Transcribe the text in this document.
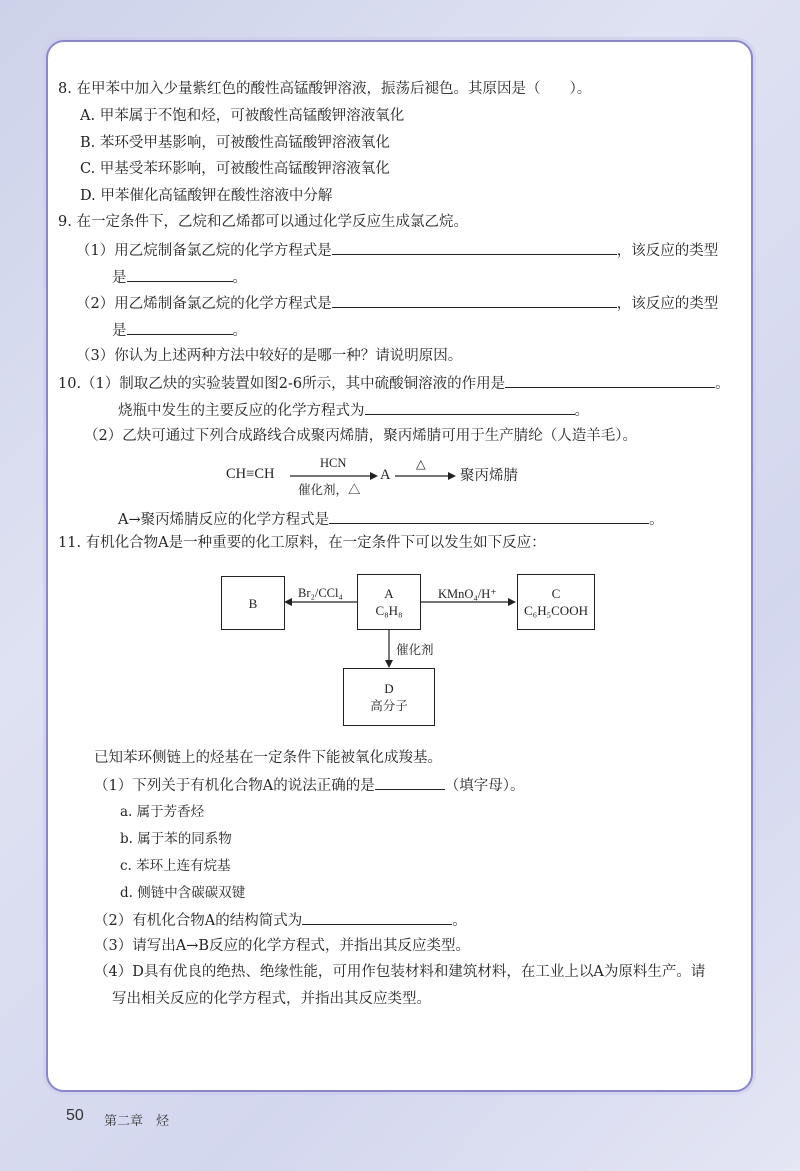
8. 在甲苯中加入少量紫红色的酸性高锰酸钾溶液，振荡后褪色。其原因是（　　）。
A. 甲苯属于不饱和烃，可被酸性高锰酸钾溶液氧化
B. 苯环受甲基影响，可被酸性高锰酸钾溶液氧化
C. 甲基受苯环影响，可被酸性高锰酸钾溶液氧化
D. 甲苯催化高锰酸钾在酸性溶液中分解
9. 在一定条件下，乙烷和乙烯都可以通过化学反应生成氯乙烷。
（1）用乙烷制备氯乙烷的化学方程式是	，该反应的类型
是	。
（2）用乙烯制备氯乙烷的化学方程式是	，该反应的类型
是	。
（3）你认为上述两种方法中较好的是哪一种？请说明原因。
10.（1）制取乙炔的实验装置如图2-6所示，其中硫酸铜溶液的作用是	。
烧瓶中发生的主要反应的化学方程式为	。
（2）乙炔可通过下列合成路线合成聚丙烯腈，聚丙烯腈可用于生产腈纶（人造羊毛）。
CH≡CH
HCN
催化剂，△
A
△
聚丙烯腈
A→聚丙烯腈反应的化学方程式是	。
11. 有机化合物A是一种重要的化工原料，在一定条件下可以发生如下反应：
B
A
C₈H₈
C
C₆H₅COOH
D
高分子
Br₂/CCl₄	KMnO₄/H⁺
催化剂
已知苯环侧链上的烃基在一定条件下能被氧化成羧基。
（1）下列关于有机化合物A的说法正确的是	（填字母）。
a. 属于芳香烃
b. 属于苯的同系物
c. 苯环上连有烷基
d. 侧链中含碳碳双键
（2）有机化合物A的结构简式为	。
（3）请写出A→B反应的化学方程式，并指出其反应类型。
（4）D具有优良的绝热、绝缘性能，可用作包装材料和建筑材料，在工业上以A为原料生产。请
写出相关反应的化学方程式，并指出其反应类型。
50 第二章　烃
